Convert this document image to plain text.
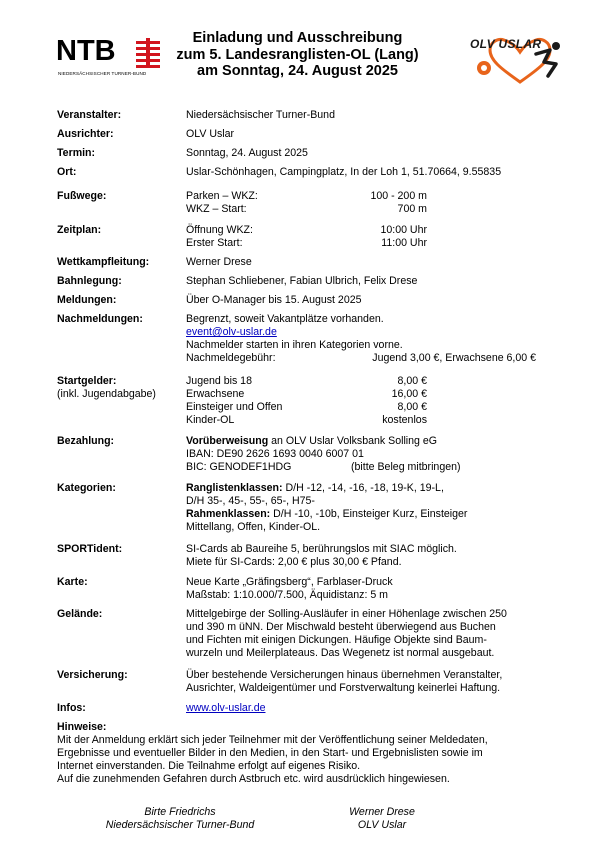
NTB
NIEDERSÄCHSISCHER TURNER-BUND
Einladung und Ausschreibung
zum 5. Landesranglisten-OL (Lang)
am Sonntag, 24. August 2025
OLV USLAR
Veranstalter:	Niedersächsischer Turner-Bund
Ausrichter:	OLV Uslar
Termin:	Sonntag, 24. August 2025
Ort:	Uslar-Schönhagen, Campingplatz, In der Loh 1, 51.70664, 9.55835
Fußwege:	Parken – WKZ:	100 - 200 m
WKZ – Start:	700 m
Zeitplan:	Öffnung WKZ:	10:00 Uhr
Erster Start:	11:00 Uhr
Wettkampfleitung:	Werner Drese
Bahnlegung:	Stephan Schliebener, Fabian Ulbrich, Felix Drese
Meldungen:	Über O-Manager bis 15. August 2025
Nachmeldungen:	Begrenzt, soweit Vakantplätze vorhanden.
event@olv-uslar.de
Nachmelder starten in ihren Kategorien vorne.
Nachmeldegebühr:	Jugend 3,00 €, Erwachsene 6,00 €
Startgelder:
(inkl. Jugendabgabe)
Jugend bis 18	8,00 €
Erwachsene	16,00 €
Einsteiger und Offen	8,00 €
Kinder-OL	kostenlos
Bezahlung:	Vorüberweisung an OLV Uslar Volksbank Solling eG
IBAN: DE90 2626 1693 0040 6007 01
BIC: GENODEF1HDG	(bitte Beleg mitbringen)
Kategorien:	Ranglistenklassen: D/H -12, -14, -16, -18, 19-K, 19-L,
D/H 35-, 45-, 55-, 65-, H75-
Rahmenklassen: D/H -10, -10b, Einsteiger Kurz, Einsteiger
Mittellang, Offen, Kinder-OL.
SPORTident:	SI-Cards ab Baureihe 5, berührungslos mit SIAC möglich.
Miete für SI-Cards: 2,00 € plus 30,00 € Pfand.
Karte:	Neue Karte „Gräfingsberg“, Farblaser-Druck
Maßstab: 1:10.000/7.500, Äquidistanz: 5 m
Gelände:	Mittelgebirge der Solling-Ausläufer in einer Höhenlage zwischen 250
und 390 m üNN. Der Mischwald besteht überwiegend aus Buchen
und Fichten mit einigen Dickungen. Häufige Objekte sind Baum-
wurzeln und Meilerplateaus. Das Wegenetz ist normal ausgebaut.
Versicherung:	Über bestehende Versicherungen hinaus übernehmen Veranstalter,
Ausrichter, Waldeigentümer und Forstverwaltung keinerlei Haftung.
Infos:	www.olv-uslar.de
Hinweise:
Mit der Anmeldung erklärt sich jeder Teilnehmer mit der Veröffentlichung seiner Meldedaten,
Ergebnisse und eventueller Bilder in den Medien, in den Start- und Ergebnislisten sowie im
Internet einverstanden. Die Teilnahme erfolgt auf eigenes Risiko.
Auf die zunehmenden Gefahren durch Astbruch etc. wird ausdrücklich hingewiesen.
Birte Friedrichs
Niedersächsischer Turner-Bund
Werner Drese
OLV Uslar
